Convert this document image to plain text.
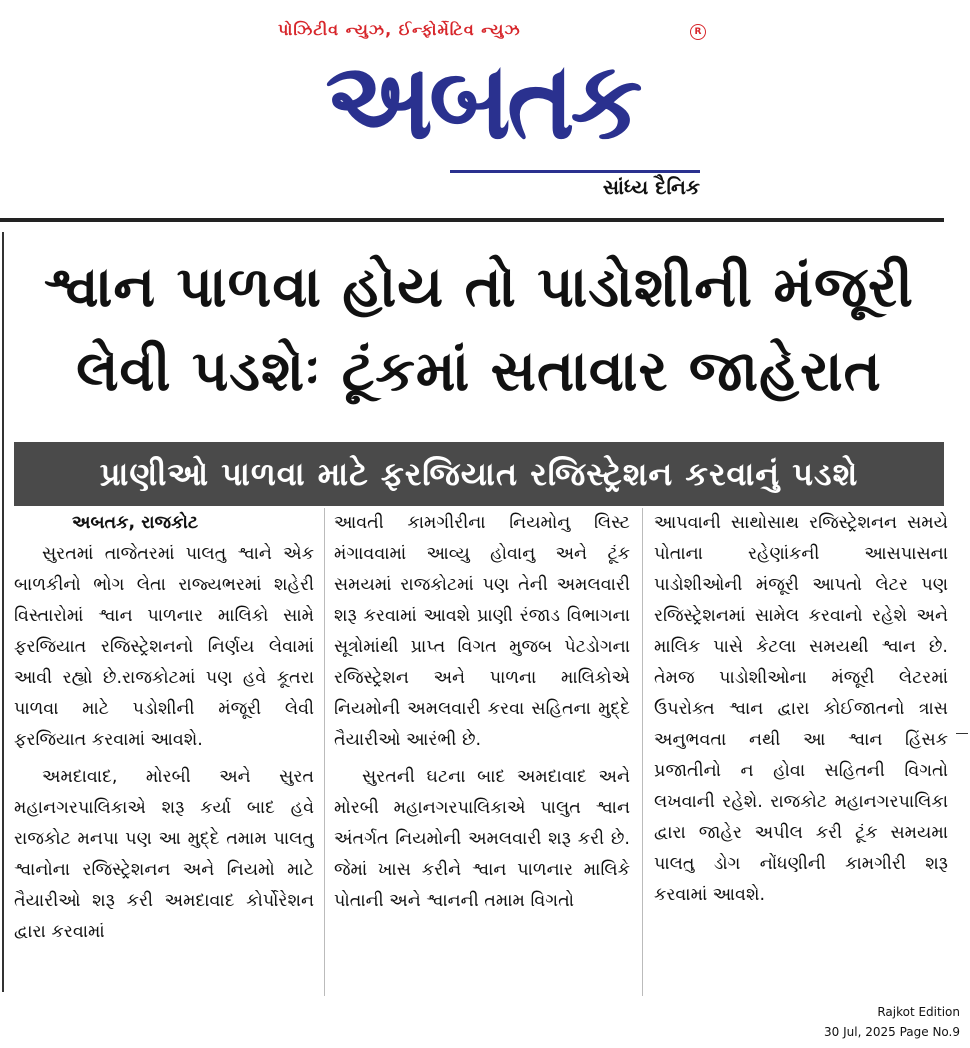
પોઝિટીવ ન્યુઝ, ઈન્ફોર્મેટિવ ન્યુઝ	R
અબતક
સાંધ્ય દૈનિક
શ્વાન પાળવા હોય તો પાડોશીની મંજૂરી
લેવી પડશેઃ ટૂંકમાં સતાવાર જાહેરાત
પ્રાણીઓ પાળવા માટે ફરજિયાત રજિસ્ટ્રેશન કરવાનું પડશે

અબતક, રાજકોટ

સુરતમાં તાજેતરમાં પાલતુ શ્વાને એક બાળકીનો ભોગ લેતા રાજ્યભરમાં શહેરી વિસ્તારોમાં શ્વાન પાળનાર માલિકો સામે ફરજિયાત રજિસ્ટ્રેશનનો નિર્ણય લેવામાં આવી રહ્યો છે.રાજકોટમાં પણ હવે કૂતરા પાળવા માટે પડોશીની મંજૂરી લેવી ફરજિયાત કરવામાં આવશે.

અમદાવાદ, મોરબી અને સુરત મહાનગરપાલિકાએ શરૂ કર્યા બાદ હવે રાજકોટ મનપા પણ આ મુદ્દે તમામ પાલતુ શ્વાનોના રજિસ્ટ્રેશનન અને નિયમો માટે તૈયારીઓ શરૂ કરી અમદાવાદ કોર્પોરેશન દ્વારા કરવામાં

આવતી કામગીરીના નિયમોનુ લિસ્ટ મંગાવવામાં આવ્યુ હોવાનુ અને ટૂંક સમયમાં રાજકોટમાં પણ તેની અમલવારી શરૂ કરવામાં આવશે પ્રાણી રંજાડ વિભાગના સૂત્રોમાંથી પ્રાપ્ત વિગત મુજબ પેટડોગના રજિસ્ટ્રેશન અને પાળના માલિકોએ નિયમોની અમલવારી કરવા સહિતના મુદ્દે તૈયારીઓ આરંભી છે.

સુરતની ઘટના બાદ અમદાવાદ અને મોરબી મહાનગરપાલિકાએ પાલુત શ્વાન અંતર્ગત નિયમોની અમલવારી શરૂ કરી છે. જેમાં ખાસ કરીને શ્વાન પાળનાર માલિકે પોતાની અને શ્વાનની તમામ વિગતો

આપવાની સાથોસાથ રજિસ્ટ્રેશનન સમયે પોતાના રહેણાંકની આસપાસના પાડોશીઓની મંજૂરી આપતો લેટર પણ રજિસ્ટ્રેશનમાં સામેલ કરવાનો રહેશે અને માલિક પાસે કેટલા સમયથી શ્વાન છે. તેમજ પાડોશીઓના મંજૂરી લેટરમાં ઉપરોક્ત શ્વાન દ્વારા કોઈજાતનો ત્રાસ અનુભવતા નથી આ શ્વાન હિંસક પ્રજાતીનો ન હોવા સહિતની વિગતો લખવાની રહેશે. રાજકોટ મહાનગરપાલિકા દ્વારા જાહેર અપીલ કરી ટૂંક સમયમા પાલતુ ડોગ નોંધણીની કામગીરી શરૂ કરવામાં આવશે.

Rajkot Edition
30 Jul, 2025 Page No.9
